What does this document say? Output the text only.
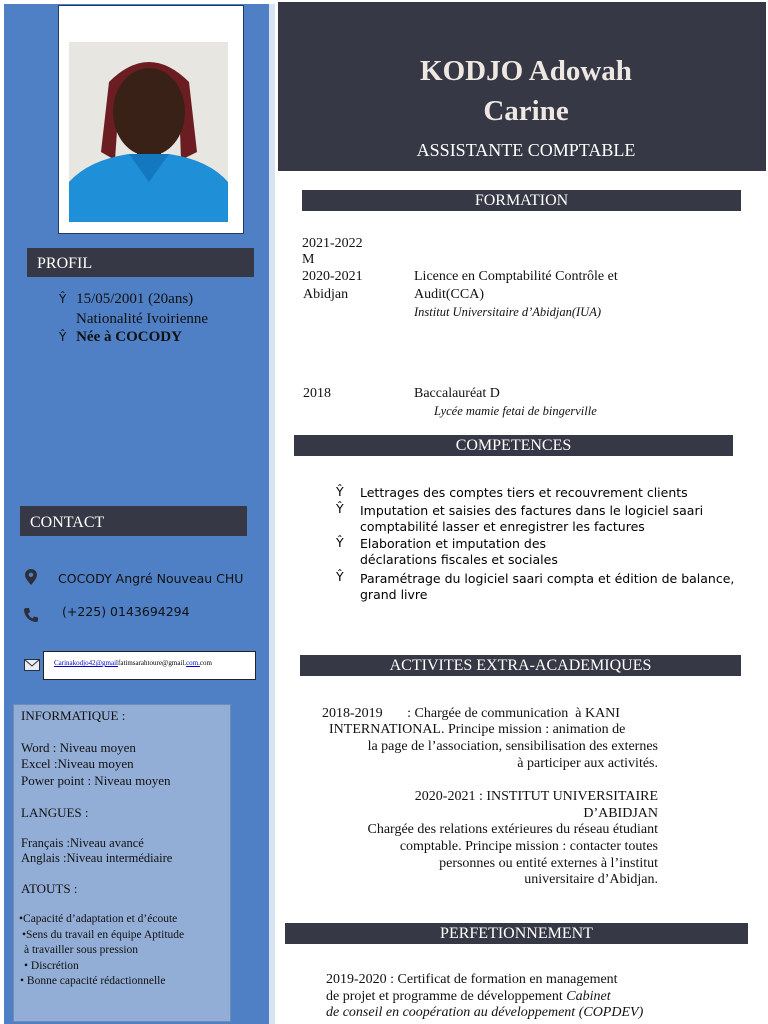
PROFIL
Ŷ 15/05/2001 (20ans)
Nationalité Ivoirienne
Ŷ Née à COCODY
CONTACT
COCODY Angré Nouveau CHU
(+225) 0143694294
Carinakodjo42@gmailfatimsarahtoure@gmail.com.com
INFORMATIQUE :
Word : Niveau moyen
Excel :Niveau moyen
Power point : Niveau moyen
LANGUES :
Français :Niveau avancé
Anglais :Niveau intermédiaire
ATOUTS :
•Capacité d’adaptation et d’écoute
•Sens du travail en équipe Aptitude
à travailler sous pression
• Discrétion
• Bonne capacité rédactionnelle
KODJO Adowah
Carine
ASSISTANTE COMPTABLE
FORMATION
2021-2022
M
2020-2021
Abidjan
Licence en Comptabilité Contrôle et
Audit(CCA)
Institut Universitaire d’Abidjan(IUA)
2018	Baccalauréat D
Lycée mamie fetai de bingerville
COMPETENCES
Ŷ Lettrages des comptes tiers et recouvrement clients
Ŷ Imputation et saisies des factures dans le logiciel saari
comptabilité lasser et enregistrer les factures
Ŷ Elaboration et imputation des
déclarations fiscales et sociales
Ŷ Paramétrage du logiciel saari compta et édition de balance,
grand livre
ACTIVITES EXTRA-ACADEMIQUES
2018-2019       : Chargée de communication  à KANI
INTERNATIONAL. Principe mission : animation de
la page de l’association, sensibilisation des externes
à participer aux activités.
2020-2021 : INSTITUT UNIVERSITAIRE
D’ABIDJAN
Chargée des relations extérieures du réseau étudiant
comptable. Principe mission : contacter toutes
personnes ou entité externes à l’institut
universitaire d’Abidjan.
PERFETIONNEMENT
2019-2020 : Certificat de formation en management
de projet et programme de développement Cabinet
de conseil en coopération au développement (COPDEV)
